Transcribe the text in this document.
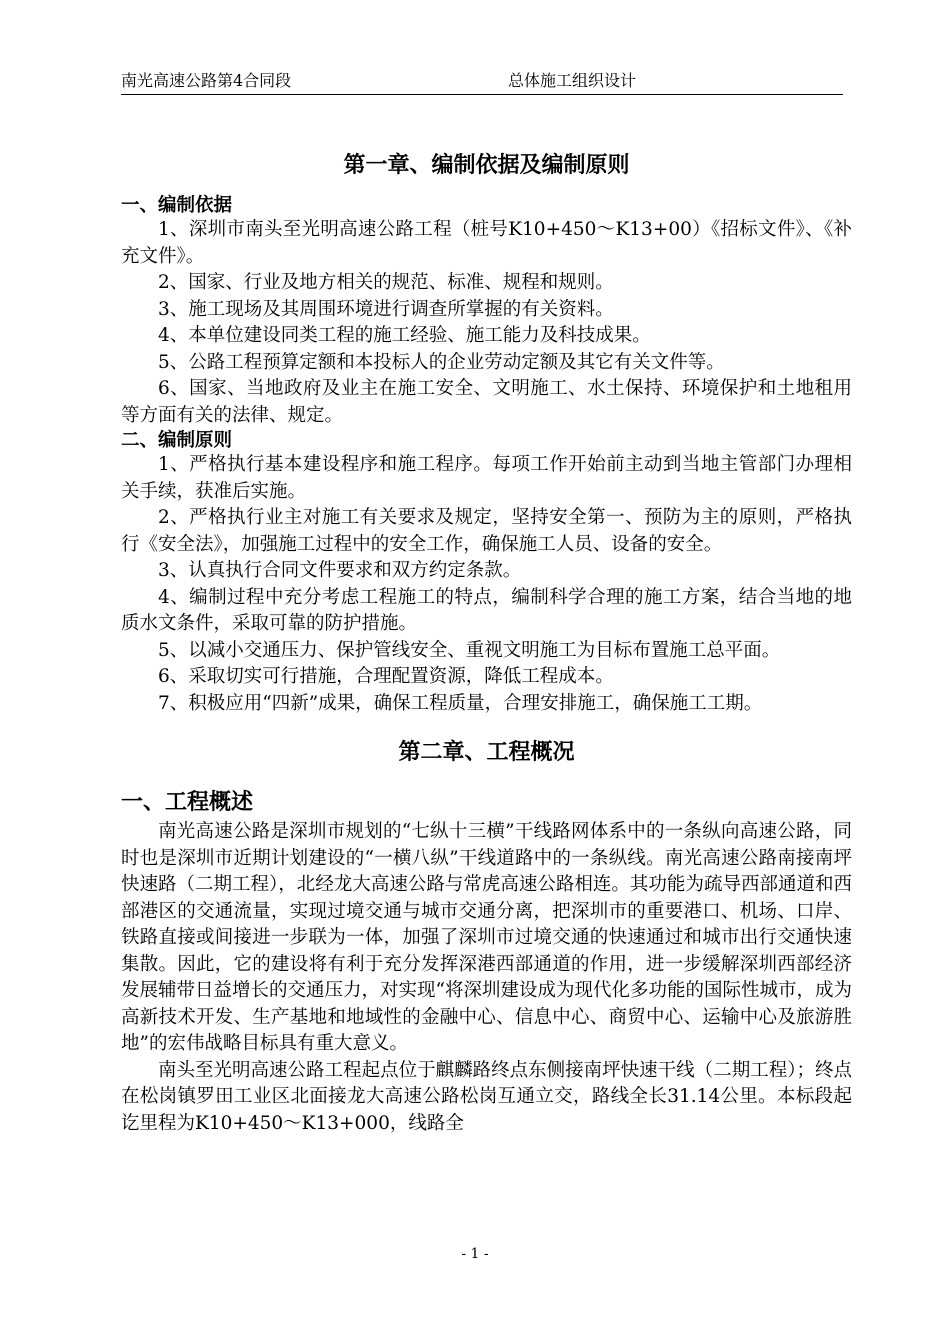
南光高速公路第4合同段	总体施工组织设计
第一章、编制依据及编制原则
一、编制依据

1、深圳市南头至光明高速公路工程（桩号K10+450～K13+00）《招标文件》、《补充文件》。

2、国家、行业及地方相关的规范、标准、规程和规则。

3、施工现场及其周围环境进行调查所掌握的有关资料。

4、本单位建设同类工程的施工经验、施工能力及科技成果。

5、公路工程预算定额和本投标人的企业劳动定额及其它有关文件等。

6、国家、当地政府及业主在施工安全、文明施工、水土保持、环境保护和土地租用等方面有关的法律、规定。

二、编制原则

1、严格执行基本建设程序和施工程序。每项工作开始前主动到当地主管部门办理相关手续，获准后实施。

2、严格执行业主对施工有关要求及规定，坚持安全第一、预防为主的原则，严格执行《安全法》，加强施工过程中的安全工作，确保施工人员、设备的安全。

3、认真执行合同文件要求和双方约定条款。

4、编制过程中充分考虑工程施工的特点，编制科学合理的施工方案，结合当地的地质水文条件，采取可靠的防护措施。

5、以减小交通压力、保护管线安全、重视文明施工为目标布置施工总平面。

6、采取切实可行措施，合理配置资源，降低工程成本。

7、积极应用“四新”成果，确保工程质量，合理安排施工，确保施工工期。

第二章、工程概况
一、工程概述

南光高速公路是深圳市规划的“七纵十三横”干线路网体系中的一条纵向高速公路，同时也是深圳市近期计划建设的“一横八纵”干线道路中的一条纵线。南光高速公路南接南坪快速路（二期工程），北经龙大高速公路与常虎高速公路相连。其功能为疏导西部通道和西部港区的交通流量，实现过境交通与城市交通分离，把深圳市的重要港口、机场、口岸、铁路直接或间接进一步联为一体，加强了深圳市过境交通的快速通过和城市出行交通快速集散。因此，它的建设将有利于充分发挥深港西部通道的作用，进一步缓解深圳西部经济发展辅带日益增长的交通压力，对实现“将深圳建设成为现代化多功能的国际性城市，成为高新技术开发、生产基地和地域性的金融中心、信息中心、商贸中心、运输中心及旅游胜地”的宏伟战略目标具有重大意义。

南头至光明高速公路工程起点位于麒麟路终点东侧接南坪快速干线（二期工程）；终点在松岗镇罗田工业区北面接龙大高速公路松岗互通立交，路线全长31.14公里。本标段起讫里程为K10+450～K13+000，线路全

- 1 -
